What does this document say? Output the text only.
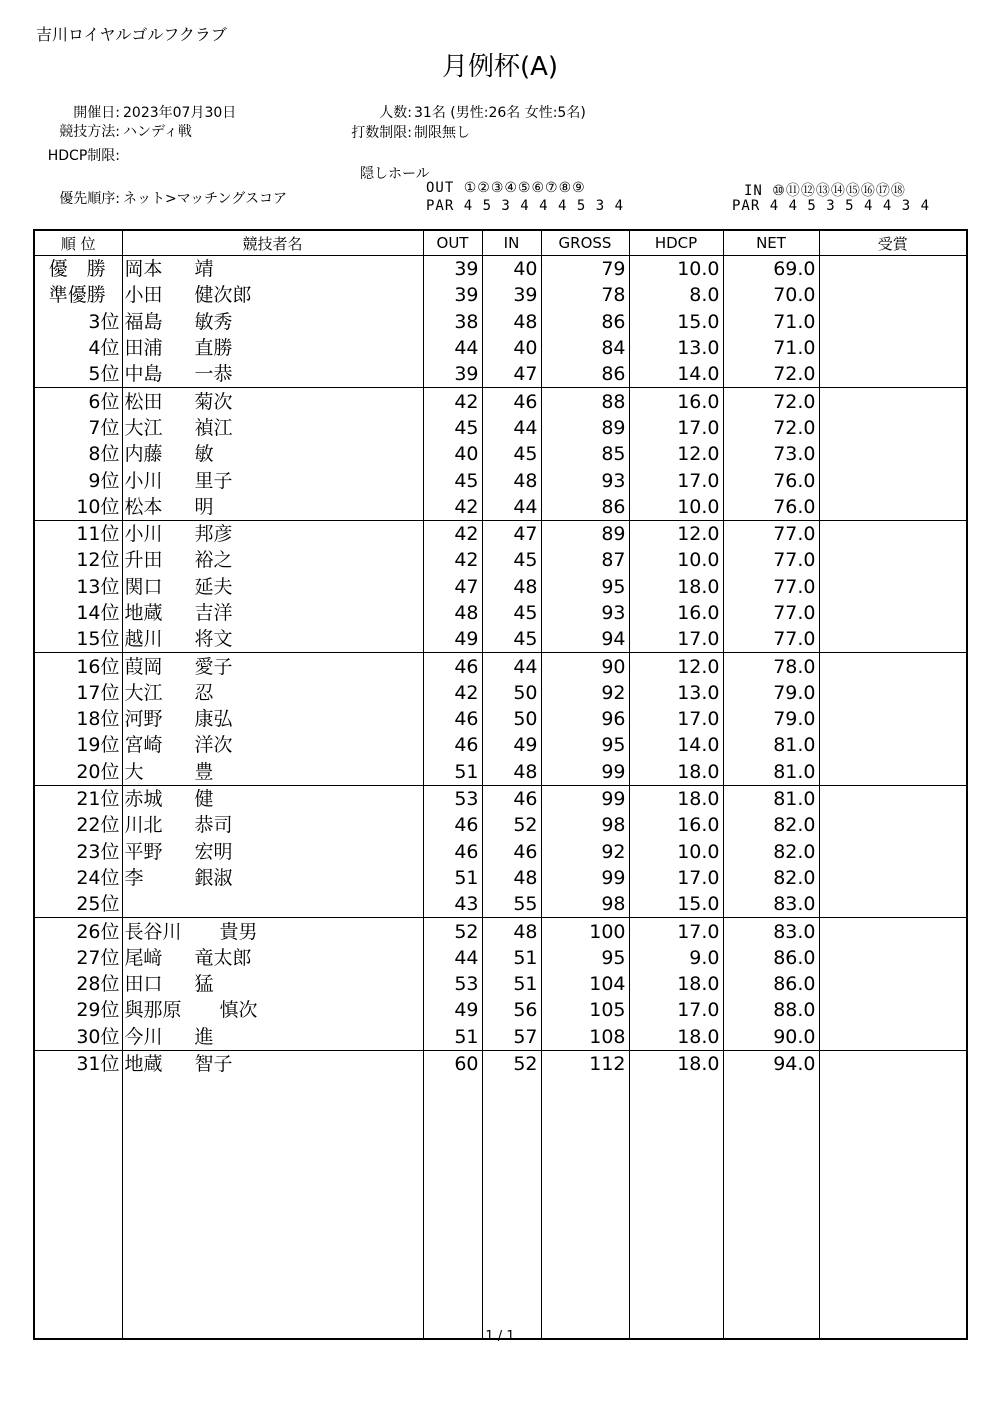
吉川ロイヤルゴルフクラブ
月例杯(A)
開催日: 2023年07月30日
競技方法: ハンディ戦
HDCP制限:
人数: 31名 (男性:26名 女性:5名)
打数制限: 制限無し
優先順序: ネット>マッチングスコア
隠しホール
OUT ①②③④⑤⑥⑦⑧⑨
PAR 4 5 3 4 4 4 5 3 4
IN ⑩⑪⑫⑬⑭⑮⑯⑰⑱
PAR 4 4 5 3 5 4 4 3 4
順 位	競技者名	OUT	IN	GROSS	HDCP	NET	受賞
優　勝	岡本 靖	39	40	79	10.0	69.0	
準優勝	小田 健次郎	39	39	78	8.0	70.0	
3位	福島 敏秀	38	48	86	15.0	71.0	
4位	田浦 直勝	44	40	84	13.0	71.0	
5位	中島 一恭	39	47	86	14.0	72.0	
6位	松田 菊次	42	46	88	16.0	72.0	
7位	大江 禎江	45	44	89	17.0	72.0	
8位	内藤 敏	40	45	85	12.0	73.0	
9位	小川 里子	45	48	93	17.0	76.0	
10位	松本 明	42	44	86	10.0	76.0	
11位	小川 邦彦	42	47	89	12.0	77.0	
12位	升田 裕之	42	45	87	10.0	77.0	
13位	関口 延夫	47	48	95	18.0	77.0	
14位	地蔵 吉洋	48	45	93	16.0	77.0	
15位	越川 将文	49	45	94	17.0	77.0	
16位	葭岡 愛子	46	44	90	12.0	78.0	
17位	大江 忍	42	50	92	13.0	79.0	
18位	河野 康弘	46	50	96	17.0	79.0	
19位	宮崎 洋次	46	49	95	14.0	81.0	
20位	大 豊	51	48	99	18.0	81.0	
21位	赤城 健	53	46	99	18.0	81.0	
22位	川北 恭司	46	52	98	16.0	82.0	
23位	平野 宏明	46	46	92	10.0	82.0	
24位	李 銀淑	51	48	99	17.0	82.0	
25位		43	55	98	15.0	83.0	
26位	長谷川 貴男	52	48	100	17.0	83.0	
27位	尾﨑 竜太郎	44	51	95	9.0	86.0	
28位	田口 猛	53	51	104	18.0	86.0	
29位	與那原 慎次	49	56	105	17.0	88.0	
30位	今川 進	51	57	108	18.0	90.0	
31位	地蔵 智子	60	52	112	18.0	94.0	

1 / 1
